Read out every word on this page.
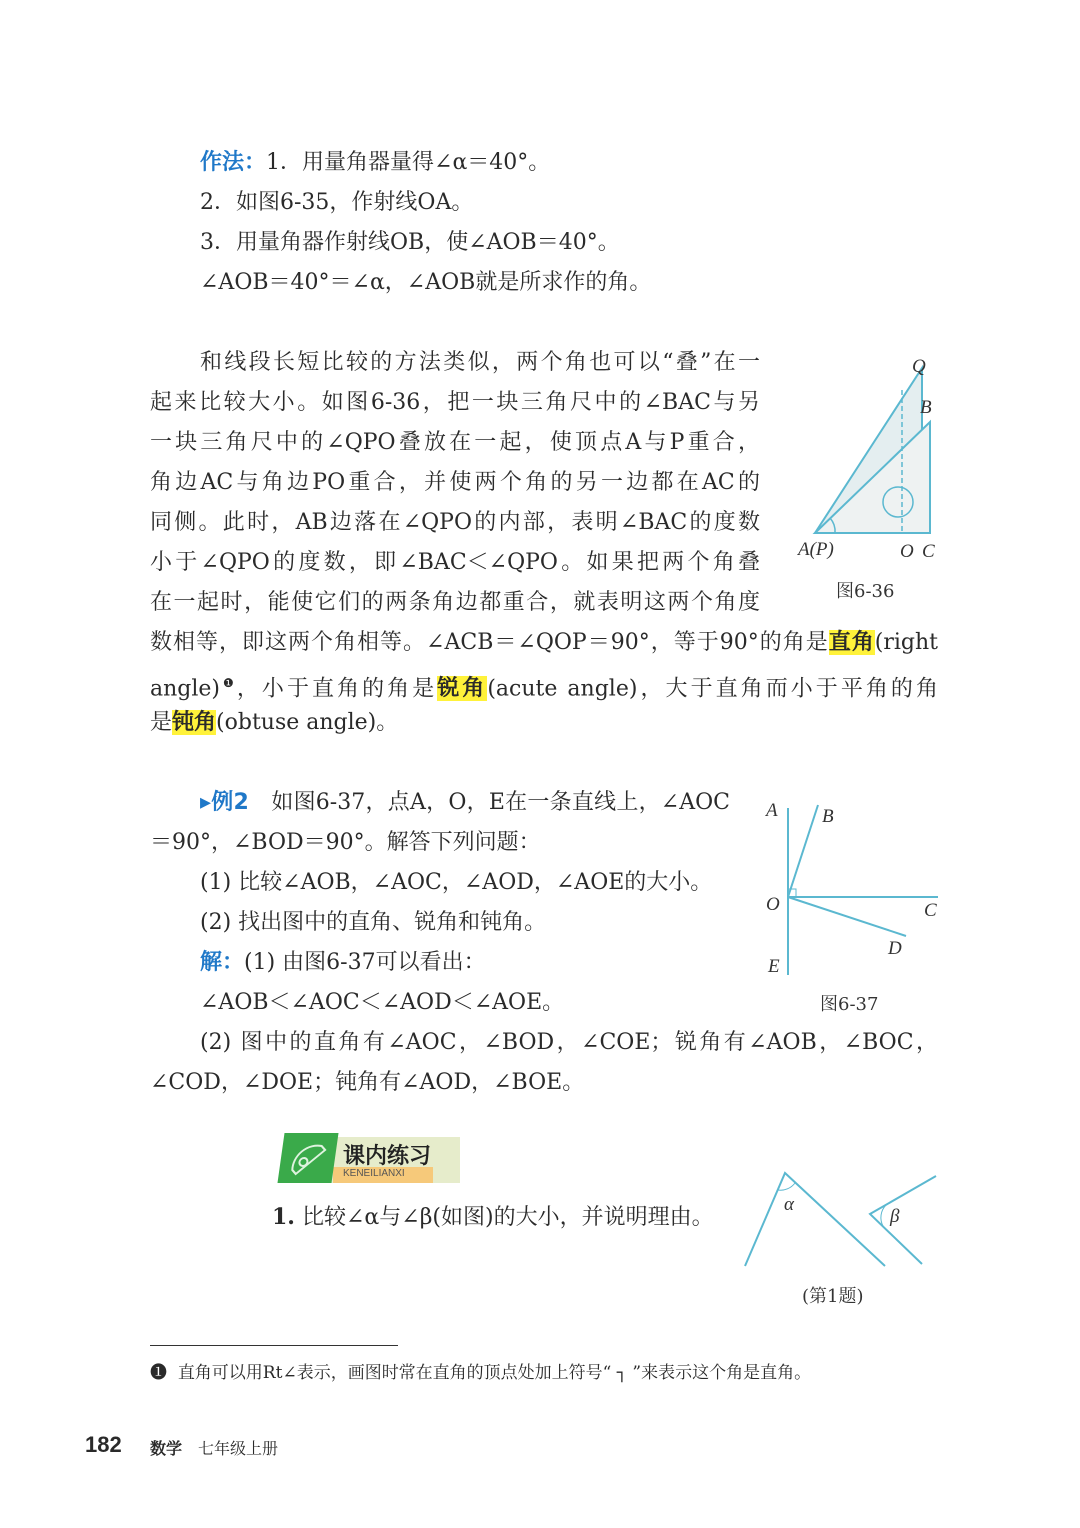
作法：1．用量角器量得∠α＝40°。
2．如图6-35，作射线OA。
3．用量角器作射线OB，使∠AOB＝40°。
∠AOB＝40°＝∠α，∠AOB就是所求作的角。
和线段长短比较的方法类似，两个角也可以“叠”在一
起来比较大小。如图6-36，把一块三角尺中的∠BAC与另
一块三角尺中的∠QPO叠放在一起，使顶点A与P重合，
角边AC与角边PO重合，并使两个角的另一边都在AC的
同侧。此时，AB边落在∠QPO的内部，表明∠BAC的度数
小于∠QPO的度数，即∠BAC＜∠QPO。如果把两个角叠
在一起时，能使它们的两条角边都重合，就表明这两个角度
数相等，即这两个角相等。∠ACB＝∠QOP＝90°，等于90°的角是直角(right
angle)$^❶$，小于直角的角是锐角(acute angle)，大于直角而小于平角的角
是钝角(obtuse angle)。
▸例2　如图6-37，点A，O，E在一条直线上，∠AOC
＝90°，∠BOD＝90°。解答下列问题：
(1) 比较∠AOB，∠AOC，∠AOD，∠AOE的大小。
(2) 找出图中的直角、锐角和钝角。
解：(1) 由图6-37可以看出：
∠AOB＜∠AOC＜∠AOD＜∠AOE。
(2) 图中的直角有∠AOC，∠BOD，∠COE；锐角有∠AOB，∠BOC，
∠COD，∠DOE；钝角有∠AOD，∠BOE。
Q
B
A(P)	O C
图6-36
A B
O	C
D
E
图6-37
课内练习
KENEILIANXI
1. 比较∠α与∠β(如图)的大小，并说明理由。
α
β
(第1题)
❶ 直角可以用Rt∠表示，画图时常在直角的顶点处加上符号“ ┐ ”来表示这个角是直角。
182 数学 七年级上册
